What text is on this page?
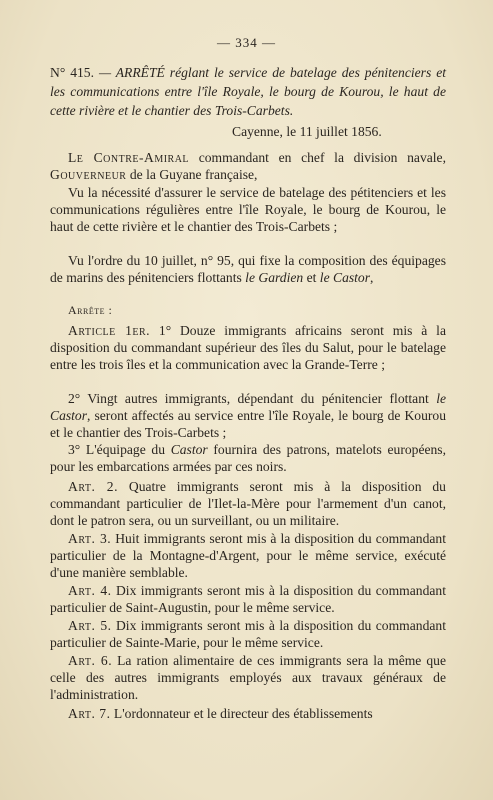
— 334 —
N° 415. — ARRÊTÉ réglant le service de batelage des pénitenciers et les communications entre l'île Royale, le bourg de Kourou, le haut de cette rivière et le chantier des Trois-Carbets.
Cayenne, le 11 juillet 1856.
Le Contre-Amiral commandant en chef la division navale, Gouverneur de la Guyane française,
Vu la nécessité d'assurer le service de batelage des pétitenciers et les communications régulières entre l'île Royale, le bourg de Kourou, le haut de cette rivière et le chantier des Trois-Carbets ;
Vu l'ordre du 10 juillet, n° 95, qui fixe la composition des équipages de marins des pénitenciers flottants le Gardien et le Castor,
Arrête :
Article 1er. 1° Douze immigrants africains seront mis à la disposition du commandant supérieur des îles du Salut, pour le batelage entre les trois îles et la communication avec la Grande-Terre ;
2° Vingt autres immigrants, dépendant du pénitencier flottant le Castor, seront affectés au service entre l'île Royale, le bourg de Kourou et le chantier des Trois-Carbets ;
3° L'équipage du Castor fournira des patrons, matelots européens, pour les embarcations armées par ces noirs.
Art. 2. Quatre immigrants seront mis à la disposition du commandant particulier de l'Ilet-la-Mère pour l'armement d'un canot, dont le patron sera, ou un surveillant, ou un militaire.
Art. 3. Huit immigrants seront mis à la disposition du commandant particulier de la Montagne-d'Argent, pour le même service, exécuté d'une manière semblable.
Art. 4. Dix immigrants seront mis à la disposition du commandant particulier de Saint-Augustin, pour le même service.
Art. 5. Dix immigrants seront mis à la disposition du commandant particulier de Sainte-Marie, pour le même service.
Art. 6. La ration alimentaire de ces immigrants sera la même que celle des autres immigrants employés aux travaux généraux de l'administration.
Art. 7. L'ordonnateur et le directeur des établissements
